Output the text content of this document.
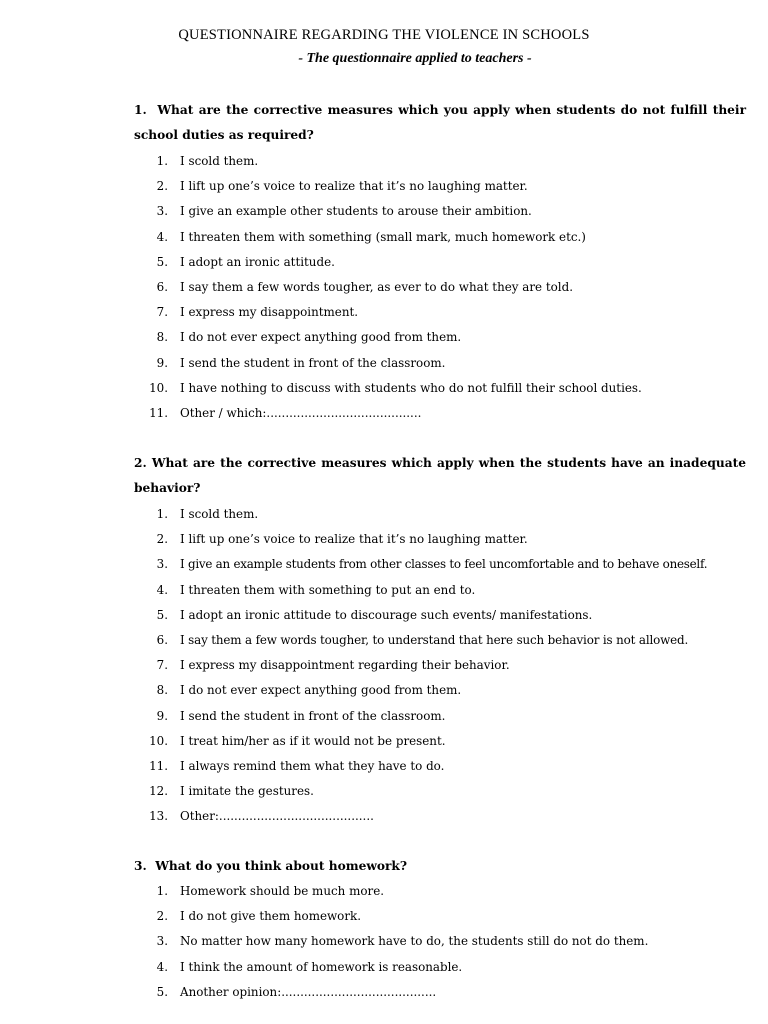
QUESTIONNAIRE REGARDING THE VIOLENCE IN SCHOOLS
- The questionnaire applied to teachers -
1. What are the corrective measures which you apply when students do not fulfill their school duties as required?
1. I scold them.
2. I lift up one’s voice to realize that it’s no laughing matter.
3. I give an example other students to arouse their ambition.
4. I threaten them with something (small mark, much homework etc.)
5. I adopt an ironic attitude.
6. I say them a few words tougher, as ever to do what they are told.
7. I express my disappointment.
8. I do not ever expect anything good from them.
9. I send the student in front of the classroom.
10. I have nothing to discuss with students who do not fulfill their school duties.
11. Other / which:.........................................
2. What are the corrective measures which apply when the students have an inadequate behavior?
1. I scold them.
2. I lift up one’s voice to realize that it’s no laughing matter.
3. I give an example students from other classes to feel uncomfortable and to behave oneself.
4. I threaten them with something to put an end to.
5. I adopt an ironic attitude to discourage such events/ manifestations.
6. I say them a few words tougher, to understand that here such behavior is not allowed.
7. I express my disappointment regarding their behavior.
8. I do not ever expect anything good from them.
9. I send the student in front of the classroom.
10. I treat him/her as if it would not be present.
11. I always remind them what they have to do.
12. I imitate the gestures.
13. Other:.........................................
3. What do you think about homework?
1. Homework should be much more.
2. I do not give them homework.
3. No matter how many homework have to do, the students still do not do them.
4. I think the amount of homework is reasonable.
5. Another opinion:.........................................
